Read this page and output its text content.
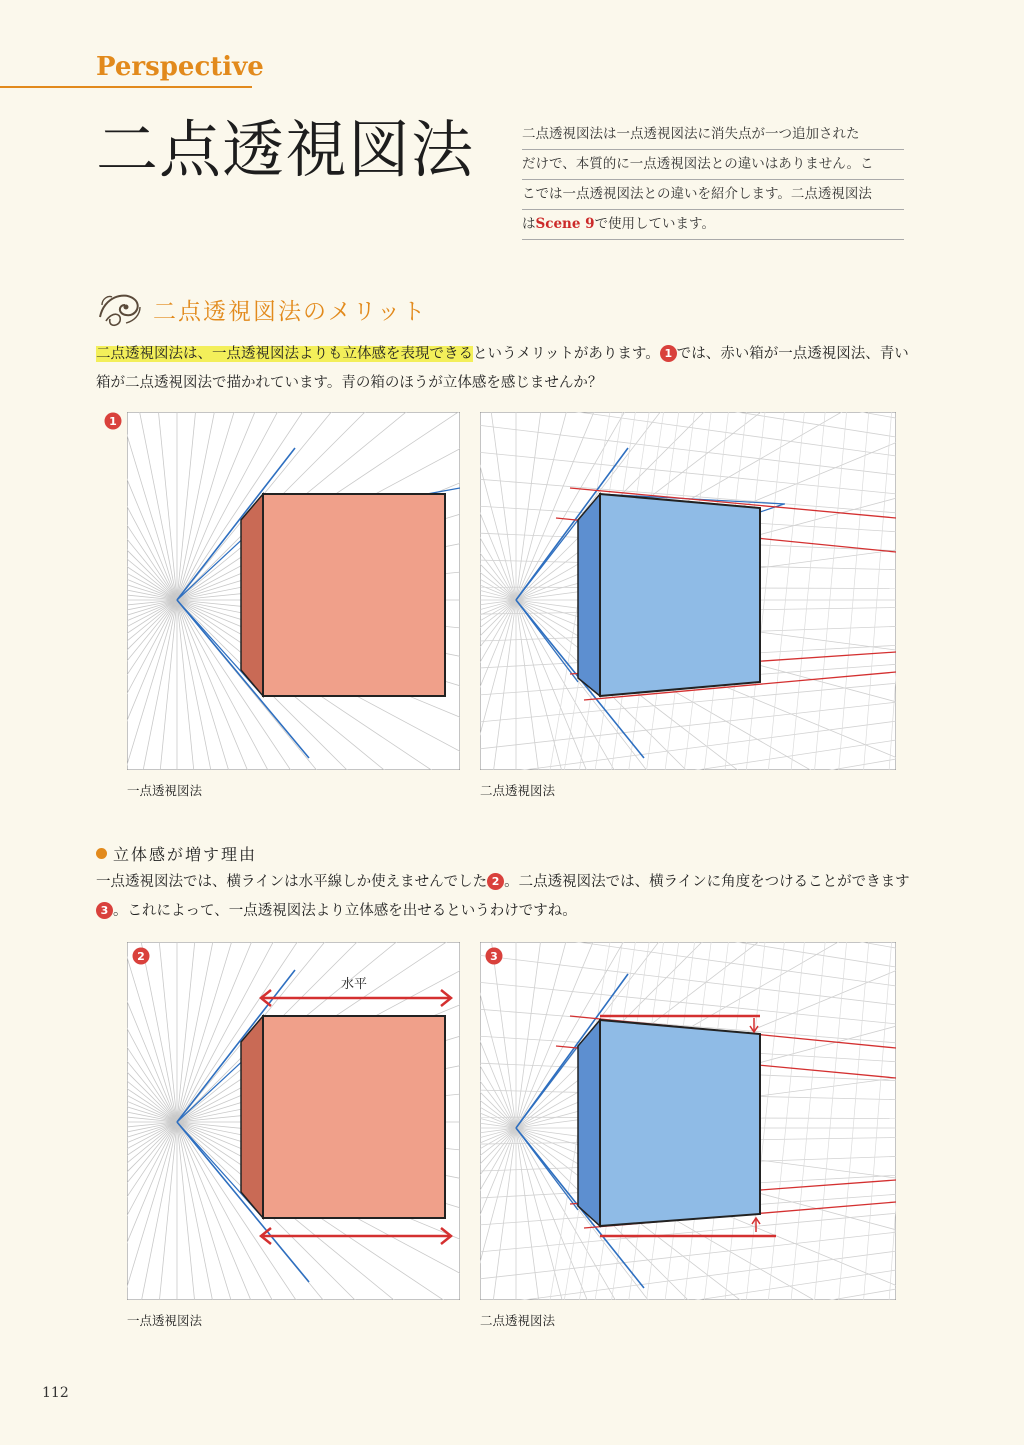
Perspective
二点透視図法	二点透視図法は一点透視図法に消失点が一つ追加された
だけで、本質的に一点透視図法との違いはありません。こ
こでは一点透視図法との違いを紹介します。二点透視図法
はScene 9で使用しています。
二点透視図法のメリット
二点透視図法は、一点透視図法よりも立体感を表現できるというメリットがあります。 1 では、赤い箱が一点透視図法、青い箱が二点透視図法で描かれています。青の箱のほうが立体感を感じませんか？
1
一点透視図法	二点透視図法
立体感が増す理由
一点透視図法では、横ラインは水平線しか使えませんでした 2 。二点透視図法では、横ラインに角度をつけることができます3 。これによって、一点透視図法より立体感を出せるというわけですね。
水平
2	3
一点透視図法	二点透視図法
112
